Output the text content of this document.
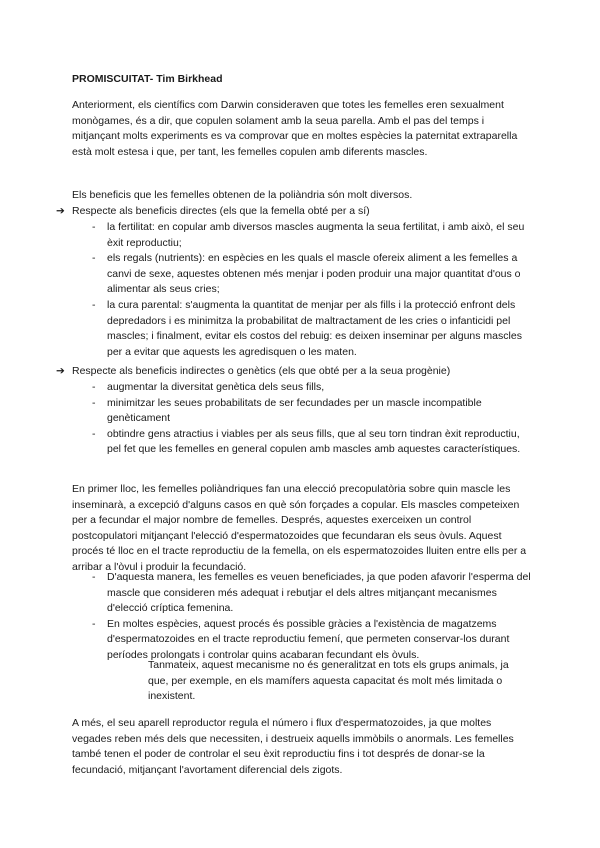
PROMISCUITAT- Tim Birkhead

Anteriorment, els científics com Darwin consideraven que totes les femelles eren sexualment monògames, és a dir, que copulen solament amb la seua parella. Amb el pas del temps i mitjançant molts experiments es va comprovar que en moltes espècies la paternitat extraparella està molt estesa i que, per tant, les femelles copulen amb diferents mascles.

Els beneficis que les femelles obtenen de la poliàndria són molt diversos.

➔ Respecte als beneficis directes (els que la femella obté per a sí)
- la fertilitat: en copular amb diversos mascles augmenta la seua fertilitat, i amb això, el seu èxit reproductiu;
- els regals (nutrients): en espècies en les quals el mascle ofereix aliment a les femelles a canvi de sexe, aquestes obtenen més menjar i poden produir una major quantitat d'ous o alimentar als seus cries;
- la cura parental: s'augmenta la quantitat de menjar per als fills i la protecció enfront dels depredadors i es minimitza la probabilitat de maltractament de les cries o infanticidi pel mascles; i finalment, evitar els costos del rebuig: es deixen inseminar per alguns mascles per a evitar que aquests les agredisquen o les maten.
➔ Respecte als beneficis indirectes o genètics (els que obté per a la seua progènie)
- augmentar la diversitat genètica dels seus fills,
- minimitzar les seues probabilitats de ser fecundades per un mascle incompatible genèticament
- obtindre gens atractius i viables per als seus fills, que al seu torn tindran èxit reproductiu, pel fet que les femelles en general copulen amb mascles amb aquestes característiques.

En primer lloc, les femelles poliàndriques fan una elecció precopulatòria sobre quin mascle les inseminarà, a excepció d'alguns casos en què són forçades a copular. Els mascles competeixen per a fecundar el major nombre de femelles. Després, aquestes exerceixen un control postcopulatori mitjançant l'elecció d'espermatozoides que fecundaran els seus òvuls. Aquest procés té lloc en el tracte reproductiu de la femella, on els espermatozoides lluiten entre ells per a arribar a l'òvul i produir la fecundació.

- D'aquesta manera, les femelles es veuen beneficiades, ja que poden afavorir l'esperma del mascle que consideren més adequat i rebutjar el dels altres mitjançant mecanismes d'elecció críptica femenina.
- En moltes espècies, aquest procés és possible gràcies a l'existència de magatzems d'espermatozoides en el tracte reproductiu femení, que permeten conservar-los durant períodes prolongats i controlar quins acabaran fecundant els òvuls.

Tanmateix, aquest mecanisme no és generalitzat en tots els grups animals, ja que, per exemple, en els mamífers aquesta capacitat és molt més limitada o inexistent.

A més, el seu aparell reproductor regula el número i flux d'espermatozoides, ja que moltes vegades reben més dels que necessiten, i destrueix aquells immòbils o anormals. Les femelles també tenen el poder de controlar el seu èxit reproductiu fins i tot després de donar-se la fecundació, mitjançant l'avortament diferencial dels zigots.
